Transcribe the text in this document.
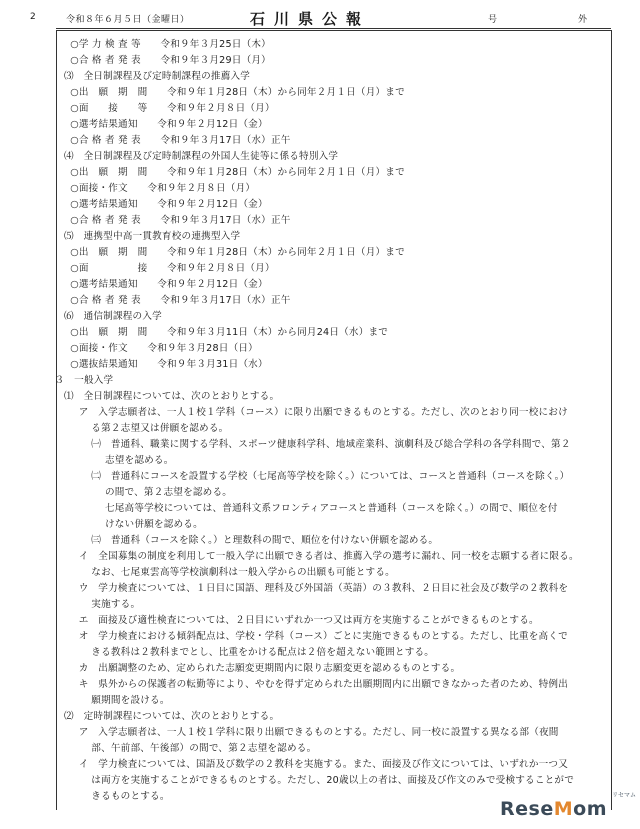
2	令和８年６月５日（金曜日）	石川県公報	号	外
○学 力 検 査 等　　令和９年３月25日（木）
○合 格 者 発 表　　令和９年３月29日（月）
⑶　全日制課程及び定時制課程の推薦入学
○出　願　期　間　　令和９年１月28日（木）から同年２月１日（月）まで
○面　　接　　等　　令和９年２月８日（月）
○選考結果通知　　令和９年２月12日（金）
○合 格 者 発 表　　令和９年３月17日（水）正午
⑷　全日制課程及び定時制課程の外国人生徒等に係る特別入学
○出　願　期　間　　令和９年１月28日（木）から同年２月１日（月）まで
○面接・作文　　令和９年２月８日（月）
○選考結果通知　　令和９年２月12日（金）
○合 格 者 発 表　　令和９年３月17日（水）正午
⑸　連携型中高一貫教育校の連携型入学
○出　願　期　間　　令和９年１月28日（木）から同年２月１日（月）まで
○面　　　　　接　　令和９年２月８日（月）
○選考結果通知　　令和９年２月12日（金）
○合 格 者 発 表　　令和９年３月17日（水）正午
⑹　通信制課程の入学
○出　願　期　間　　令和９年３月11日（木）から同月24日（水）まで
○面接・作文　　令和９年３月28日（日）
○選抜結果通知　　令和９年３月31日（水）
３　一般入学
⑴　全日制課程については、次のとおりとする。
ア　入学志願者は、一人１校１学科（コース）に限り出願できるものとする。ただし、次のとおり同一校におけ
る第２志望又は併願を認める。
㈠　普通科、職業に関する学科、スポーツ健康科学科、地域産業科、演劇科及び総合学科の各学科間で、第２
志望を認める。
㈡　普通科にコースを設置する学校（七尾高等学校を除く。）については、コースと普通科（コースを除く。）
の間で、第２志望を認める。
七尾高等学校については、普通科文系フロンティアコースと普通科（コースを除く。）の間で、順位を付
けない併願を認める。
㈢　普通科（コースを除く。）と理数科の間で、順位を付けない併願を認める。
イ　全国募集の制度を利用して一般入学に出願できる者は、推薦入学の選考に漏れ、同一校を志願する者に限る。
なお、七尾東雲高等学校演劇科は一般入学からの出願も可能とする。
ウ　学力検査については、１日目に国語、理科及び外国語（英語）の３教科、２日目に社会及び数学の２教科を
実施する。
エ　面接及び適性検査については、２日目にいずれか一つ又は両方を実施することができるものとする。
オ　学力検査における傾斜配点は、学校・学科（コース）ごとに実施できるものとする。ただし、比重を高くで
きる教科は２教科までとし、比重をかける配点は２倍を超えない範囲とする。
カ　出願調整のため、定められた志願変更期間内に限り志願変更を認めるものとする。
キ　県外からの保護者の転勤等により、やむを得ず定められた出願期間内に出願できなかった者のため、特例出
願期間を設ける。
⑵　定時制課程については、次のとおりとする。
ア　入学志願者は、一人１校１学科に限り出願できるものとする。ただし、同一校に設置する異なる部（夜間
部、午前部、午後部）の間で、第２志望を認める。
イ　学力検査については、国語及び数学の２教科を実施する。また、面接及び作文については、いずれか一つ又
は両方を実施することができるものとする。ただし、20歳以上の者は、面接及び作文のみで受検することがで
きるものとする。
ReseMom
リセマム
